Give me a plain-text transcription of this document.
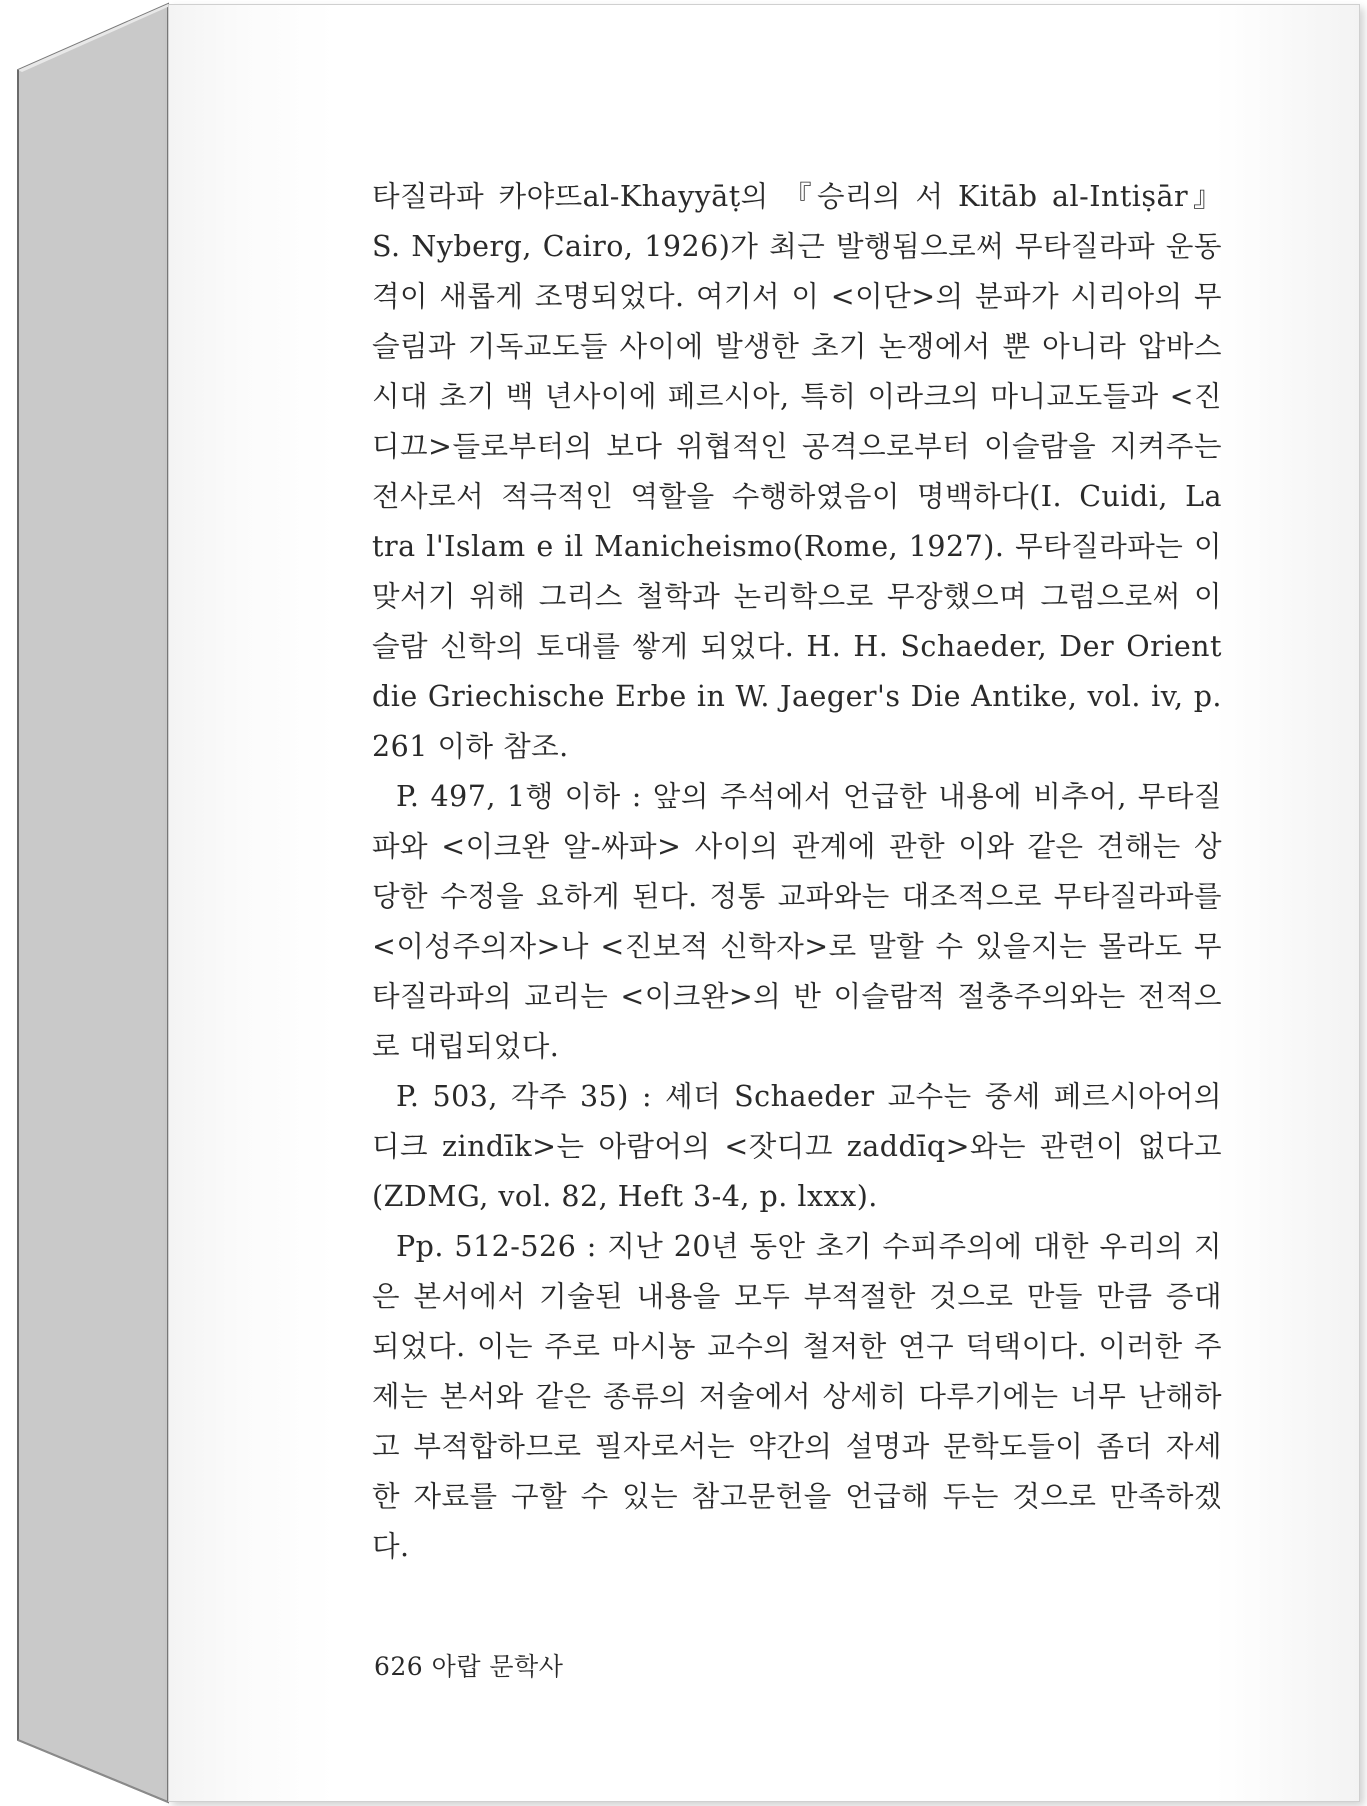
타질라파 카야뜨al-Khayyāṭ의 『승리의 서 Kitāb al-Intiṣār』
S. Nyberg, Cairo, 1926)가 최근 발행됨으로써 무타질라파 운동
격이 새롭게 조명되었다. 여기서 이 <이단>의 분파가 시리아의 무
슬림과 기독교도들 사이에 발생한 초기 논쟁에서 뿐 아니라 압바스
시대 초기 백 년사이에 페르시아, 특히 이라크의 마니교도들과 <진
디끄>들로부터의 보다 위협적인 공격으로부터 이슬람을 지켜주는
전사로서 적극적인 역할을 수행하였음이 명백하다(I. Cuidi, La
tra l'Islam e il Manicheismo(Rome, 1927). 무타질라파는 이
맞서기 위해 그리스 철학과 논리학으로 무장했으며 그럼으로써 이
슬람 신학의 토대를 쌓게 되었다. H. H. Schaeder, Der Orient
die Griechische Erbe in W. Jaeger's Die Antike, vol. iv, p.
261 이하 참조.
P. 497, 1행 이하 : 앞의 주석에서 언급한 내용에 비추어, 무타질
파와 <이크완 알-싸파> 사이의 관계에 관한 이와 같은 견해는 상
당한 수정을 요하게 된다. 정통 교파와는 대조적으로 무타질라파를
<이성주의자>나 <진보적 신학자>로 말할 수 있을지는 몰라도 무
타질라파의 교리는 <이크완>의 반 이슬람적 절충주의와는 전적으
로 대립되었다.
P. 503, 각주 35) : 셰더 Schaeder 교수는 중세 페르시아어의
디크 zindīk>는 아람어의 <잣디끄 zaddīq>와는 관련이 없다고
(ZDMG, vol. 82, Heft 3-4, p. lxxx).
Pp. 512-526 : 지난 20년 동안 초기 수피주의에 대한 우리의 지
은 본서에서 기술된 내용을 모두 부적절한 것으로 만들 만큼 증대
되었다. 이는 주로 마시뇽 교수의 철저한 연구 덕택이다. 이러한 주
제는 본서와 같은 종류의 저술에서 상세히 다루기에는 너무 난해하
고 부적합하므로 필자로서는 약간의 설명과 문학도들이 좀더 자세
한 자료를 구할 수 있는 참고문헌을 언급해 두는 것으로 만족하겠
다.
626 아랍 문학사
